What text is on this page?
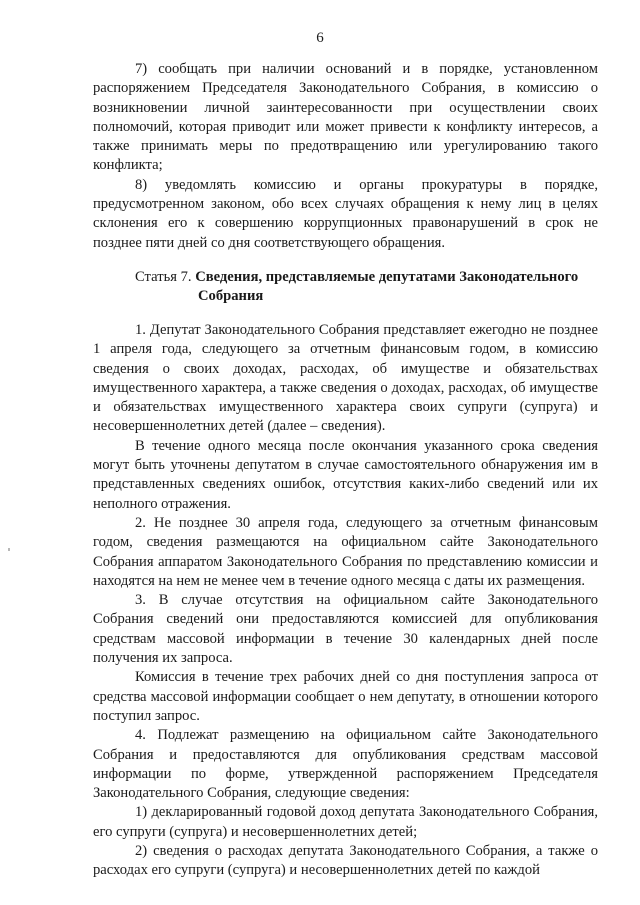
6

7) сообщать при наличии оснований и в порядке, установленном распоряжением Председателя Законодательного Собрания, в комиссию о возникновении личной заинтересованности при осуществлении своих полномочий, которая приводит или может привести к конфликту интересов, а также принимать меры по предотвращению или урегулированию такого конфликта;

8) уведомлять комиссию и органы прокуратуры в порядке, предусмотренном законом, обо всех случаях обращения к нему лиц в целях склонения его к совершению коррупционных правонарушений в срок не позднее пяти дней со дня соответствующего обращения.

Статья 7. Сведения, представляемые депутатами Законодательного
Собрания

1. Депутат Законодательного Собрания представляет ежегодно не позднее 1 апреля года, следующего за отчетным финансовым годом, в комиссию сведения о своих доходах, расходах, об имуществе и обязательствах имущественного характера, а также сведения о доходах, расходах, об имуществе и обязательствах имущественного характера своих супруги (супруга) и несовершеннолетних детей (далее – сведения).

В течение одного месяца после окончания указанного срока сведения могут быть уточнены депутатом в случае самостоятельного обнаружения им в представленных сведениях ошибок, отсутствия каких-либо сведений или их неполного отражения.

2. Не позднее 30 апреля года, следующего за отчетным финансовым годом, сведения размещаются на официальном сайте Законодательного Собрания аппаратом Законодательного Собрания по представлению комиссии и находятся на нем не менее чем в течение одного месяца с даты их размещения.

3. В случае отсутствия на официальном сайте Законодательного Собрания сведений они предоставляются комиссией для опубликования средствам массовой информации в течение 30 календарных дней после получения их запроса.

Комиссия в течение трех рабочих дней со дня поступления запроса от средства массовой информации сообщает о нем депутату, в отношении которого поступил запрос.

4. Подлежат размещению на официальном сайте Законодательного Собрания и предоставляются для опубликования средствам массовой информации по форме, утвержденной распоряжением Председателя Законодательного Собрания, следующие сведения:

1) декларированный годовой доход депутата Законодательного Собрания, его супруги (супруга) и несовершеннолетних детей;

2) сведения о расходах депутата Законодательного Собрания, а также о расходах его супруги (супруга) и несовершеннолетних детей по каждой
